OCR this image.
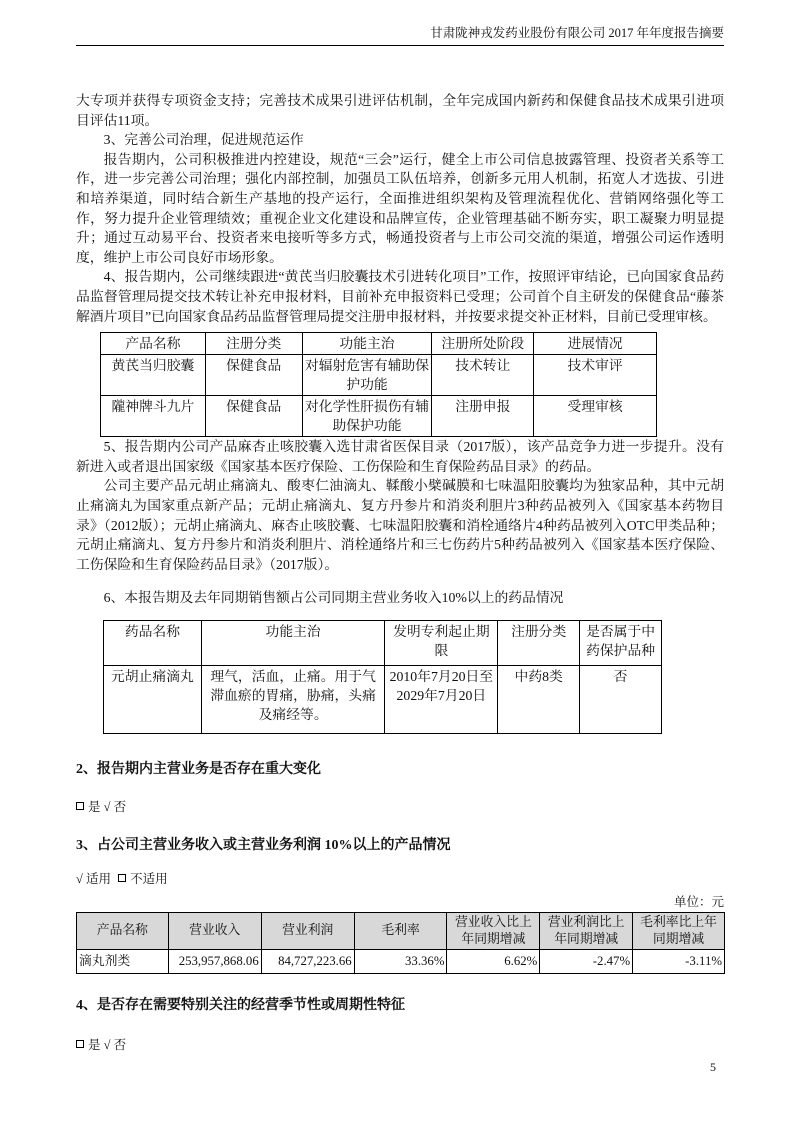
甘肃陇神戎发药业股份有限公司 2017 年年度报告摘要

大专项并获得专项资金支持；完善技术成果引进评估机制，全年完成国内新药和保健食品技术成果引进项目评估11项。

3、完善公司治理，促进规范运作

报告期内，公司积极推进内控建设，规范“三会”运行，健全上市公司信息披露管理、投资者关系等工作，进一步完善公司治理；强化内部控制，加强员工队伍培养，创新多元用人机制，拓宽人才选拔、引进和培养渠道，同时结合新生产基地的投产运行，全面推进组织架构及管理流程优化、营销网络强化等工作，努力提升企业管理绩效；重视企业文化建设和品牌宣传，企业管理基础不断夯实，职工凝聚力明显提升；通过互动易平台、投资者来电接听等多方式，畅通投资者与上市公司交流的渠道，增强公司运作透明度，维护上市公司良好市场形象。

4、报告期内，公司继续跟进“黄芪当归胶囊技术引进转化项目”工作，按照评审结论，已向国家食品药品监督管理局提交技术转让补充申报材料，目前补充申报资料已受理；公司首个自主研发的保健食品“藤茶解酒片项目”已向国家食品药品监督管理局提交注册申报材料，并按要求提交补正材料，目前已受理审核。

产品名称	注册分类	功能主治	注册所处阶段	进展情况
黄芪当归胶囊	保健食品	对辐射危害有辅助保护功能	技术转让	技术审评
隴神牌斗九片	保健食品	对化学性肝损伤有辅助保护功能	注册申报	受理审核

5、报告期内公司产品麻杏止咳胶囊入选甘肃省医保目录（2017版），该产品竞争力进一步提升。没有新进入或者退出国家级《国家基本医疗保险、工伤保险和生育保险药品目录》的药品。

公司主要产品元胡止痛滴丸、酸枣仁油滴丸、鞣酸小檗碱膜和七味温阳胶囊均为独家品种，其中元胡止痛滴丸为国家重点新产品；元胡止痛滴丸、复方丹参片和消炎利胆片3种药品被列入《国家基本药物目录》（2012版）；元胡止痛滴丸、麻杏止咳胶囊、七味温阳胶囊和消栓通络片4种药品被列入OTC甲类品种；元胡止痛滴丸、复方丹参片和消炎利胆片、消栓通络片和三七伤药片5种药品被列入《国家基本医疗保险、工伤保险和生育保险药品目录》（2017版）。

6、本报告期及去年同期销售额占公司同期主营业务收入10%以上的药品情况

药品名称	功能主治	发明专利起止期限	注册分类	是否属于中药保护品种
元胡止痛滴丸	理气，活血，止痛。用于气滞血瘀的胃痛，胁痛，头痛及痛经等。	2010年7月20日至2029年7月20日	中药8类	否
2、报告期内主营业务是否存在重大变化
是 √ 否
3、占公司主营业务收入或主营业务利润 10%以上的产品情况
√ 适用 不适用
单位：元
产品名称	营业收入	营业利润	毛利率	营业收入比上年同期增减	营业利润比上年同期增减	毛利率比上年同期增减
滴丸剂类	253,957,868.06	84,727,223.66	33.36%	6.62%	-2.47%	-3.11%
4、是否存在需要特别关注的经营季节性或周期性特征
是 √ 否
5
